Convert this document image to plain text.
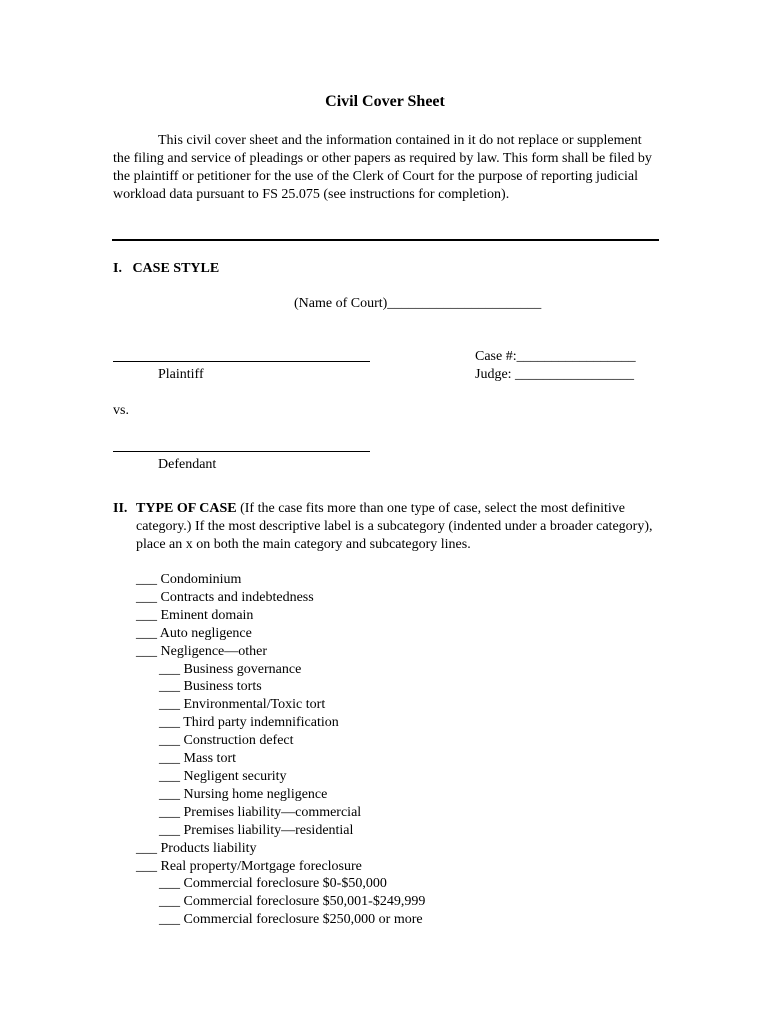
Civil Cover Sheet
This civil cover sheet and the information contained in it do not replace or supplement the filing and service of pleadings or other papers as required by law. This form shall be filed by the plaintiff or petitioner for the use of the Clerk of Court for the purpose of reporting judicial workload data pursuant to FS 25.075 (see instructions for completion).
I.   CASE STYLE
(Name of Court)______________________
Plaintiff
Case #:_________________
Judge: _________________
vs.
Defendant
II. TYPE OF CASE (If the case fits more than one type of case, select the most definitive category.) If the most descriptive label is a subcategory (indented under a broader category), place an x on both the main category and subcategory lines.
___ Condominium
___ Contracts and indebtedness
___ Eminent domain
___ Auto negligence
___ Negligence—other
___ Business governance
___ Business torts
___ Environmental/Toxic tort
___ Third party indemnification
___ Construction defect
___ Mass tort
___ Negligent security
___ Nursing home negligence
___ Premises liability—commercial
___ Premises liability—residential
___ Products liability
___ Real property/Mortgage foreclosure
___ Commercial foreclosure $0-$50,000
___ Commercial foreclosure $50,001-$249,999
___ Commercial foreclosure $250,000 or more
